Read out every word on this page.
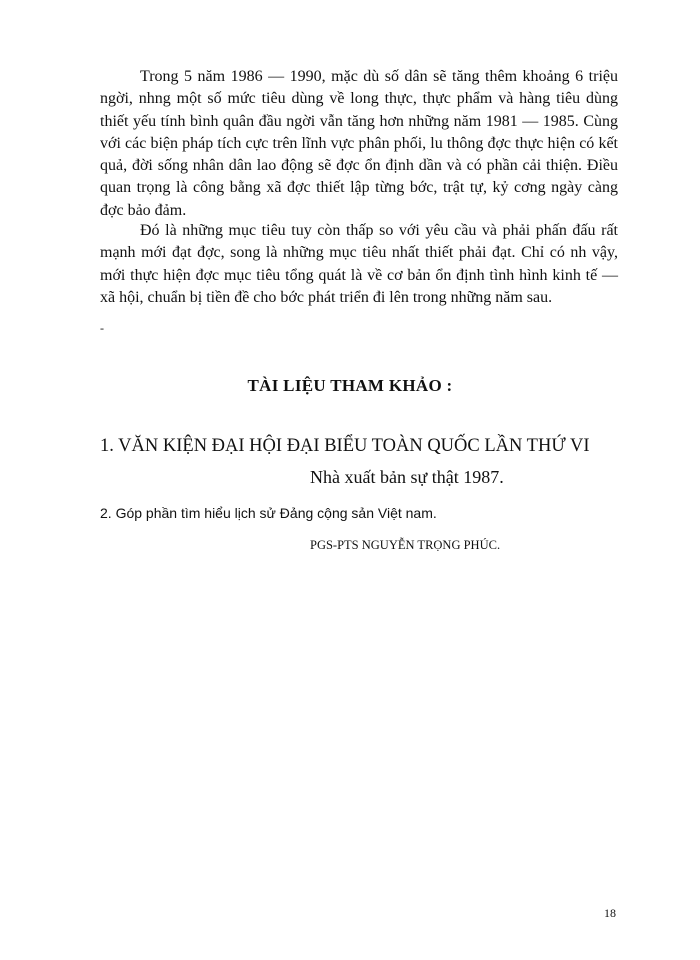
Trong 5 năm 1986 — 1990, mặc dù số dân sẽ tăng thêm khoảng 6 triệu ngời, nhng một số mức tiêu dùng về long thực, thực phẩm và hàng tiêu dùng thiết yếu tính bình quân đầu ngời vẫn tăng hơn những năm 1981 — 1985. Cùng với các biện pháp tích cực trên lĩnh vực phân phối, lu thông đợc thực hiện có kết quả, đời sống nhân dân lao động sẽ đợc ổn định dần và có phần cải thiện. Điều quan trọng là công bằng xã đợc thiết lập từng bớc, trật tự, kỷ cơng ngày càng đợc bảo đảm.

Đó là những mục tiêu tuy còn thấp so với yêu cầu và phải phấn đấu rất mạnh mới đạt đợc, song là những mục tiêu nhất thiết phải đạt. Chỉ có nh vậy, mới thực hiện đợc mục tiêu tổng quát là về cơ bản ổn định tình hình kinh tế — xã hội, chuẩn bị tiền đề cho bớc phát triển đi lên trong những năm sau.

-
TÀI LIỆU THAM KHẢO :

1. VĂN KIỆN ĐẠI HỘI ĐẠI BIỂU TOÀN QUỐC LẦN THỨ VI

Nhà xuất bản sự thật 1987.

2. Góp phần tìm hiểu lịch sử Đảng cộng sản Việt nam.

PGS-PTS NGUYỄN TRỌNG PHÚC.

18
